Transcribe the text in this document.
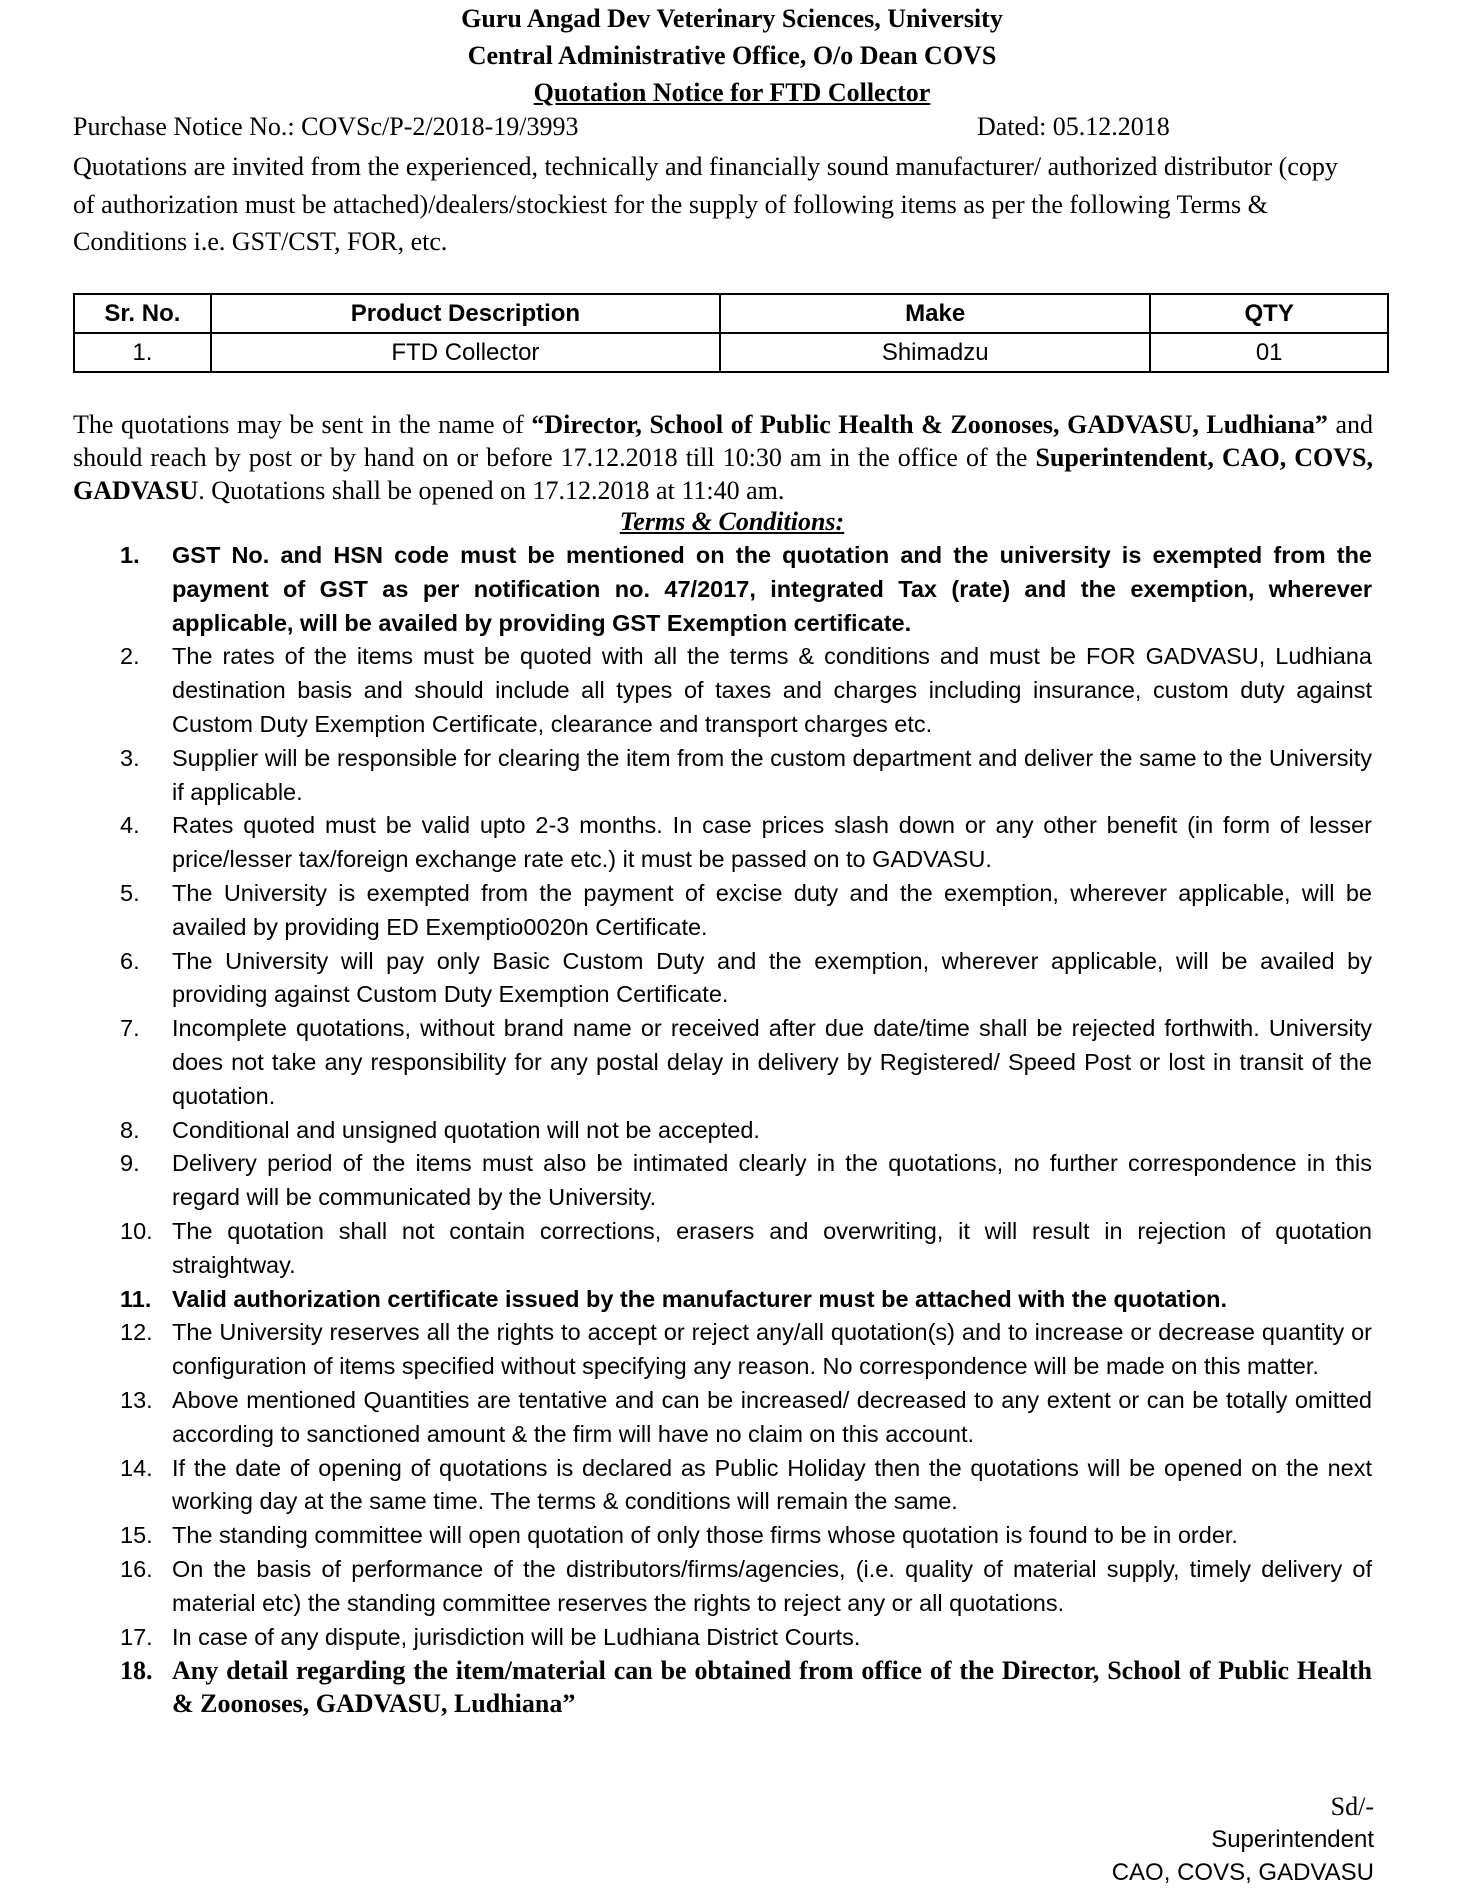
Guru Angad Dev Veterinary Sciences, University
Central Administrative Office, O/o Dean COVS
Quotation Notice for FTD Collector
Purchase Notice No.: COVSc/P-2/2018-19/3993	Dated: 05.12.2018
Quotations are invited from the experienced, technically and financially sound manufacturer/ authorized distributor (copy of authorization must be attached)/dealers/stockiest for the supply of following items as per the following Terms & Conditions i.e. GST/CST, FOR, etc.
Sr. No.	Product Description	Make	QTY
1.	FTD Collector	Shimadzu	01
The quotations may be sent in the name of “Director, School of Public Health & Zoonoses, GADVASU, Ludhiana” and should reach by post or by hand on or before 17.12.2018 till 10:30 am in the office of the Superintendent, CAO, COVS, GADVASU. Quotations shall be opened on 17.12.2018 at 11:40 am.
Terms & Conditions:
1. GST No. and HSN code must be mentioned on the quotation and the university is exempted from the payment of GST as per notification no. 47/2017, integrated Tax (rate) and the exemption, wherever applicable, will be availed by providing GST Exemption certificate.
2. The rates of the items must be quoted with all the terms & conditions and must be FOR GADVASU, Ludhiana destination basis and should include all types of taxes and charges including insurance, custom duty against Custom Duty Exemption Certificate, clearance and transport charges etc.
3. Supplier will be responsible for clearing the item from the custom department and deliver the same to the University if applicable.
4. Rates quoted must be valid upto 2-3 months. In case prices slash down or any other benefit (in form of lesser price/lesser tax/foreign exchange rate etc.) it must be passed on to GADVASU.
5. The University is exempted from the payment of excise duty and the exemption, wherever applicable, will be availed by providing ED Exemptio0020n Certificate.
6. The University will pay only Basic Custom Duty and the exemption, wherever applicable, will be availed by providing against Custom Duty Exemption Certificate.
7. Incomplete quotations, without brand name or received after due date/time shall be rejected forthwith. University does not take any responsibility for any postal delay in delivery by Registered/ Speed Post or lost in transit of the quotation.
8. Conditional and unsigned quotation will not be accepted.
9. Delivery period of the items must also be intimated clearly in the quotations, no further correspondence in this regard will be communicated by the University.
10. The quotation shall not contain corrections, erasers and overwriting, it will result in rejection of quotation straightway.
11. Valid authorization certificate issued by the manufacturer must be attached with the quotation.
12. The University reserves all the rights to accept or reject any/all quotation(s) and to increase or decrease quantity or configuration of items specified without specifying any reason. No correspondence will be made on this matter.
13. Above mentioned Quantities are tentative and can be increased/ decreased to any extent or can be totally omitted according to sanctioned amount & the firm will have no claim on this account.
14. If the date of opening of quotations is declared as Public Holiday then the quotations will be opened on the next working day at the same time. The terms & conditions will remain the same.
15. The standing committee will open quotation of only those firms whose quotation is found to be in order.
16. On the basis of performance of the distributors/firms/agencies, (i.e. quality of material supply, timely delivery of material etc) the standing committee reserves the rights to reject any or all quotations.
17. In case of any dispute, jurisdiction will be Ludhiana District Courts.
18. Any detail regarding the item/material can be obtained from office of the Director, School of Public Health & Zoonoses, GADVASU, Ludhiana”
Sd/-
Superintendent
CAO, COVS, GADVASU
